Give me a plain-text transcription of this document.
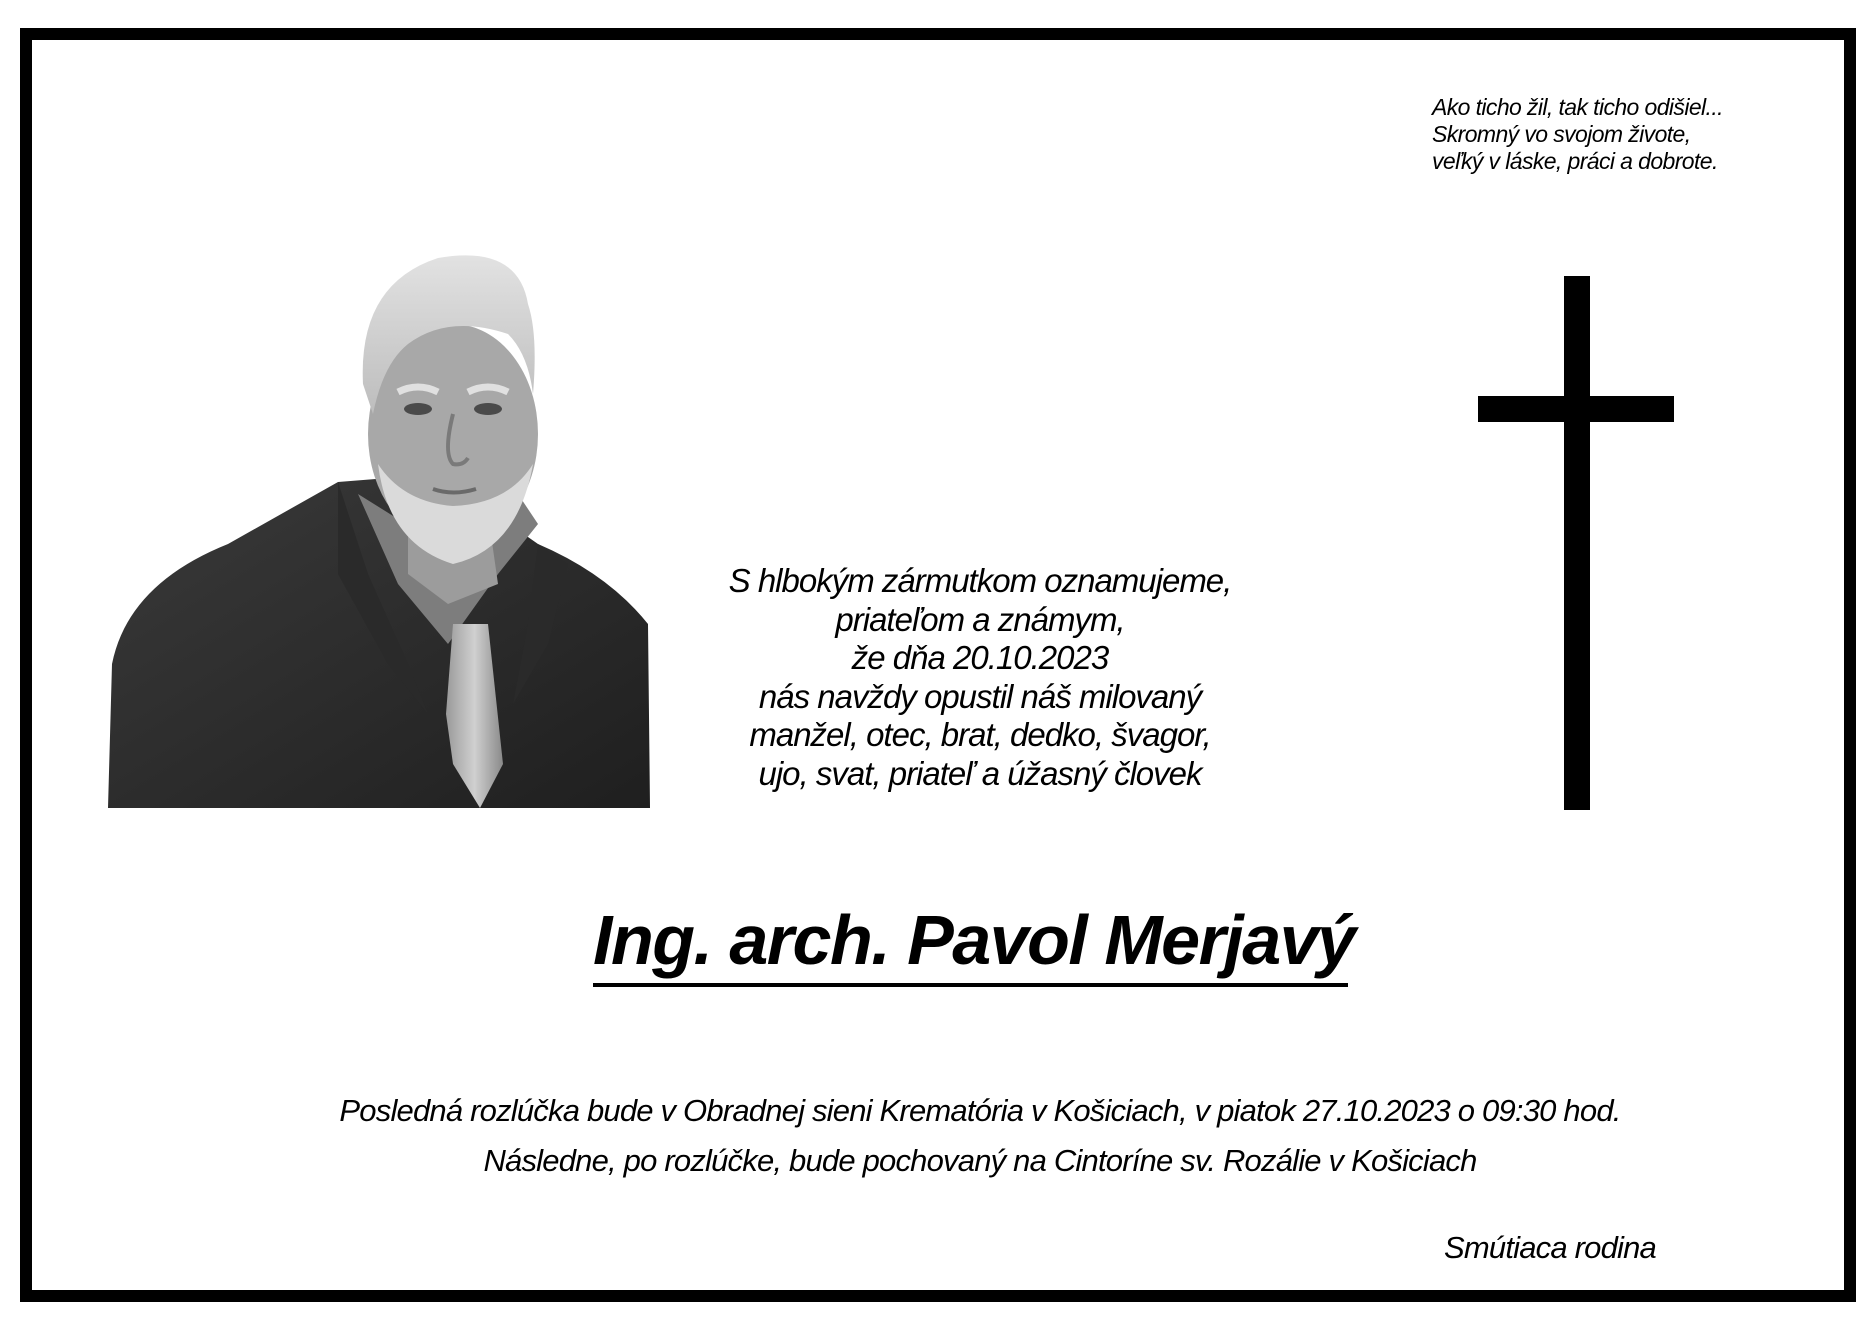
Ako ticho žil, tak ticho odišiel...
Skromný vo svojom živote,
veľký v láske, práci a dobrote.
S hlbokým zármutkom oznamujeme,
priateľom a známym,
že dňa 20.10.2023
nás navždy opustil náš milovaný
manžel, otec, brat, dedko, švagor,
ujo, svat, priateľ a úžasný človek
Ing. arch. Pavol Merjavý
Posledná rozlúčka bude v Obradnej sieni Krematória v Košiciach, v piatok 27.10.2023 o 09:30 hod.
Následne, po rozlúčke, bude pochovaný na Cintoríne sv. Rozálie v Košiciach
Smútiaca rodina
